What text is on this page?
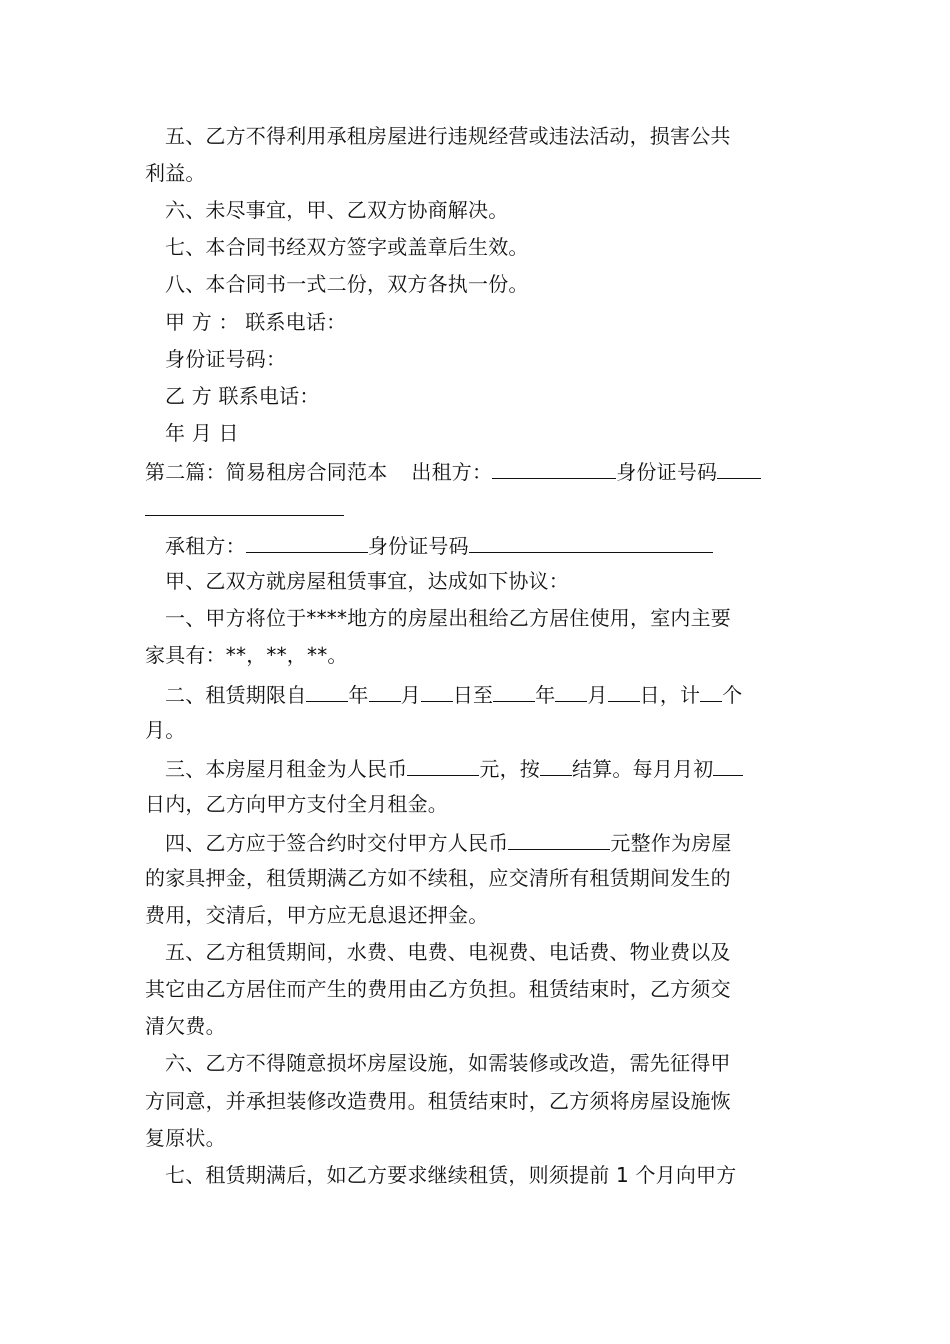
五、乙方不得利用承租房屋进行违规经营或违法活动，损害公共
利益。
六、未尽事宜，甲、乙双方协商解决。
七、本合同书经双方签字或盖章后生效。
八、本合同书一式二份，双方各执一份。
甲 方 ： 联系电话：
身份证号码：
乙 方 联系电话：
年 月 日
第二篇：简易租房合同范本 出租方：	身份证号码
承租方：	身份证号码
甲、乙双方就房屋租赁事宜，达成如下协议：
一、甲方将位于****地方的房屋出租给乙方居住使用，室内主要
家具有：**，**，**。
二、租赁期限自 年 月 日至 年 月 日，计 个
月。
三、本房屋月租金为人民币	元，按 结算。每月月初
日内，乙方向甲方支付全月租金。
四、乙方应于签合约时交付甲方人民币	元整作为房屋
的家具押金，租赁期满乙方如不续租，应交清所有租赁期间发生的
费用，交清后，甲方应无息退还押金。
五、乙方租赁期间，水费、电费、电视费、电话费、物业费以及
其它由乙方居住而产生的费用由乙方负担。租赁结束时，乙方须交
清欠费。
六、乙方不得随意损坏房屋设施，如需装修或改造，需先征得甲
方同意，并承担装修改造费用。租赁结束时，乙方须将房屋设施恢
复原状。
七、租赁期满后，如乙方要求继续租赁，则须提前 1 个月向甲方
